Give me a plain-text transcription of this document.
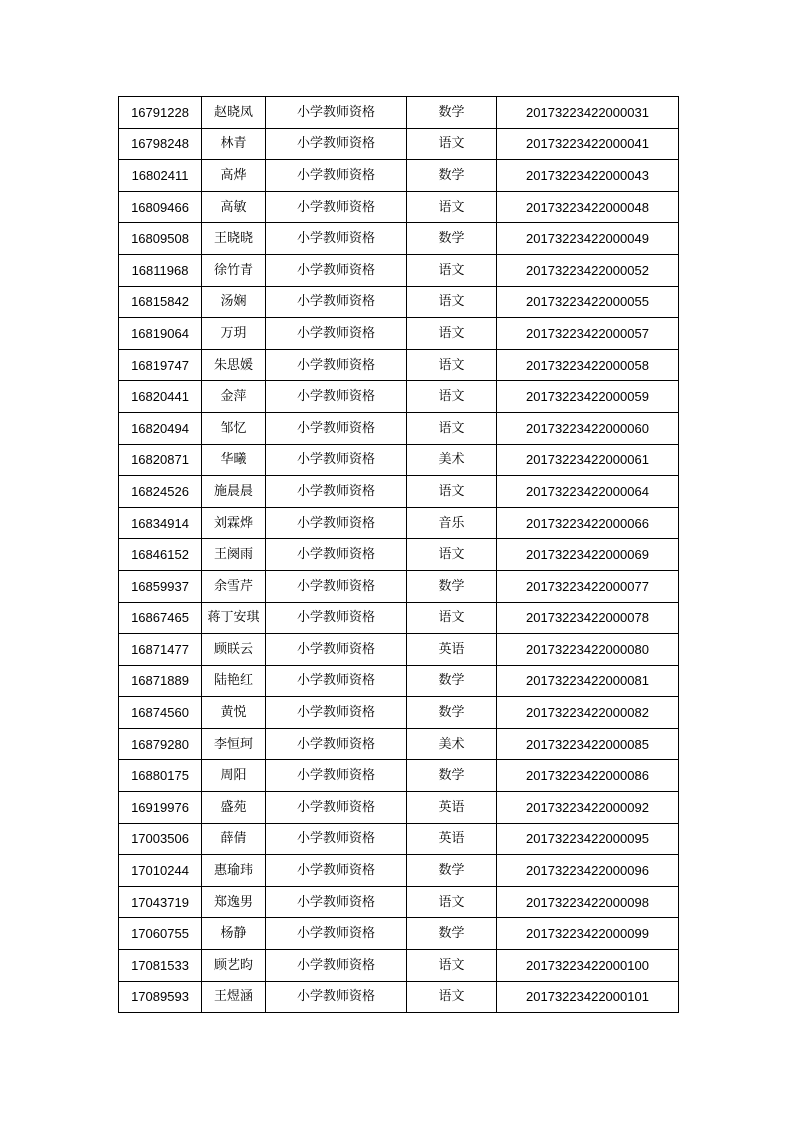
16791228	赵晓凤	小学教师资格	数学	20173223422000031
16798248	林青	小学教师资格	语文	20173223422000041
16802411	高烨	小学教师资格	数学	20173223422000043
16809466	高敏	小学教师资格	语文	20173223422000048
16809508	王晓晓	小学教师资格	数学	20173223422000049
16811968	徐竹青	小学教师资格	语文	20173223422000052
16815842	汤娴	小学教师资格	语文	20173223422000055
16819064	万玥	小学教师资格	语文	20173223422000057
16819747	朱思媛	小学教师资格	语文	20173223422000058
16820441	金萍	小学教师资格	语文	20173223422000059
16820494	邹忆	小学教师资格	语文	20173223422000060
16820871	华曦	小学教师资格	美术	20173223422000061
16824526	施晨晨	小学教师资格	语文	20173223422000064
16834914	刘霖烨	小学教师资格	音乐	20173223422000066
16846152	王阕雨	小学教师资格	语文	20173223422000069
16859937	余雪芹	小学教师资格	数学	20173223422000077
16867465	蒋丁安琪	小学教师资格	语文	20173223422000078
16871477	顾眹云	小学教师资格	英语	20173223422000080
16871889	陆艳红	小学教师资格	数学	20173223422000081
16874560	黄悦	小学教师资格	数学	20173223422000082
16879280	李恒珂	小学教师资格	美术	20173223422000085
16880175	周阳	小学教师资格	数学	20173223422000086
16919976	盛苑	小学教师资格	英语	20173223422000092
17003506	薛倩	小学教师资格	英语	20173223422000095
17010244	惠瑜玮	小学教师资格	数学	20173223422000096
17043719	郑逸男	小学教师资格	语文	20173223422000098
17060755	杨静	小学教师资格	数学	20173223422000099
17081533	顾艺昀	小学教师资格	语文	20173223422000100
17089593	王煜涵	小学教师资格	语文	20173223422000101
